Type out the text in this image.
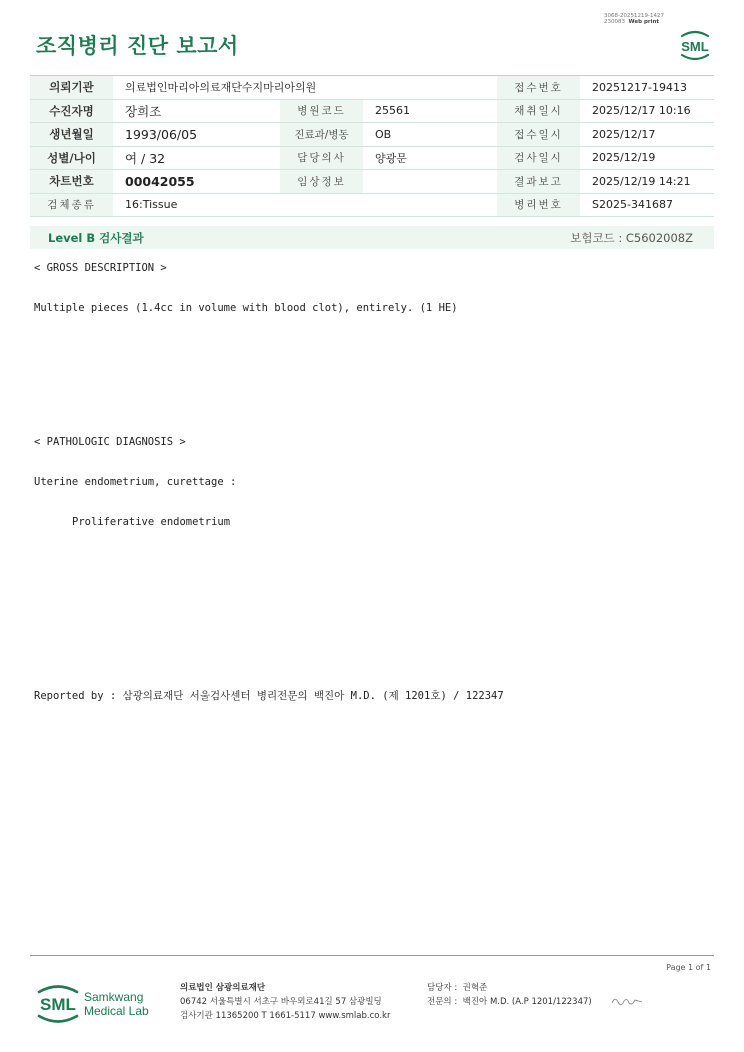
조직병리 진단 보고서
3068-20251219-1427
230083 Web print
SML
의뢰기관	의료법인마리아의료재단수지마리아의원			접수번호	20251217-19413
수진자명	장희조	병원코드	25561	채취일시	2025/12/17 10:16
생년월일	1993/06/05	진료과/병동	OB	접수일시	2025/12/17
성별/나이	여 / 32	담당의사	양광문	검사일시	2025/12/19
차트번호	00042055	임상정보		결과보고	2025/12/19 14:21
검체종류	16:Tissue			병리번호	S2025-341687
Level B 검사결과	보험코드 : C5602008Z
< GROSS DESCRIPTION >
Multiple pieces (1.4cc in volume with blood clot), entirely. (1 HE)
< PATHOLOGIC DIAGNOSIS >
Uterine endometrium, curettage :
Proliferative endometrium
Reported by : 삼광의료재단 서울검사센터 병리전문의 백진아 M.D. (제 1201호) / 122347
Page 1 of 1
SML Samkwang
Medical Lab
의료법인 삼광의료재단
06742 서울특별시 서초구 바우뫼로41길 57 삼광빌딩
검사기관 11365200 T 1661-5117 www.smlab.co.kr
담당자 : 권혁준
전문의 : 백진아 M.D. (A.P 1201/122347)
